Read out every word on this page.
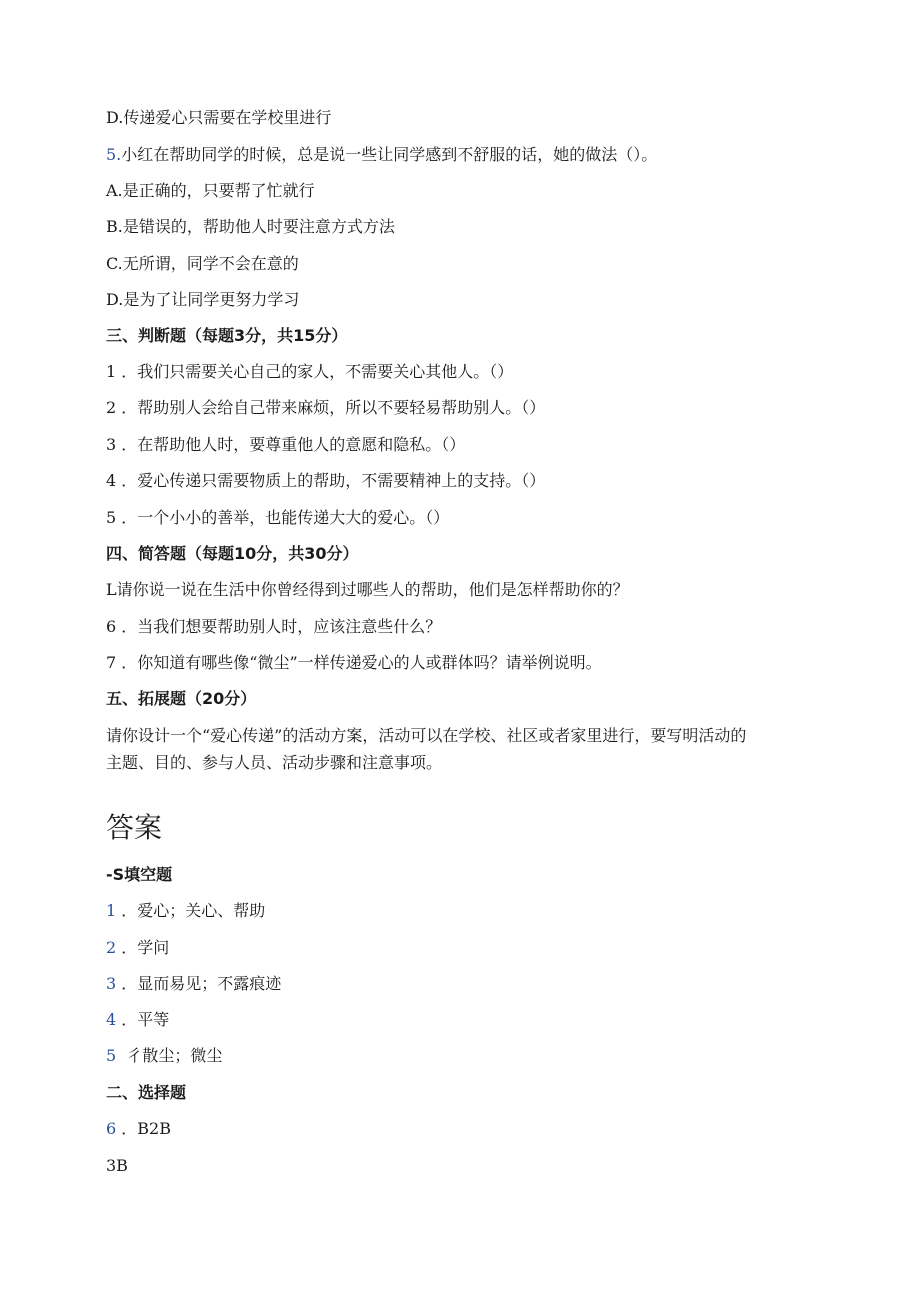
D.传递爱心只需要在学校里进行
5.小红在帮助同学的时候，总是说一些让同学感到不舒服的话，她的做法（）。
A.是正确的，只要帮了忙就行
B.是错误的，帮助他人时要注意方式方法
C.无所谓，同学不会在意的
D.是为了让同学更努力学习
三、判断题（每题3分，共15分）
1 ．我们只需要关心自己的家人，不需要关心其他人。（）
2 ．帮助别人会给自己带来麻烦，所以不要轻易帮助别人。（）
3 ．在帮助他人时，要尊重他人的意愿和隐私。（）
4 ．爱心传递只需要物质上的帮助，不需要精神上的支持。（）
5 ．一个小小的善举，也能传递大大的爱心。（）
四、简答题（每题10分，共30分）
L请你说一说在生活中你曾经得到过哪些人的帮助，他们是怎样帮助你的？
6 ．当我们想要帮助别人时，应该注意些什么？
7 ．你知道有哪些像“微尘”一样传递爱心的人或群体吗？请举例说明。
五、拓展题（20分）
请你设计一个“爱心传递”的活动方案，活动可以在学校、社区或者家里进行，要写明活动的
主题、目的、参与人员、活动步骤和注意事项。
答案
-S填空题
1 ．爱心；关心、帮助
2 ．学问
3 ．显而易见；不露痕迹
4 ．平等
5 彳散尘；微尘
二、选择题
6 ．B2B
3B
